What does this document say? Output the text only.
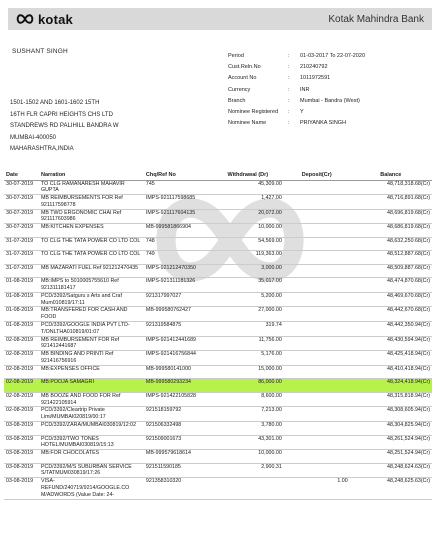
kotak	Kotak Mahindra Bank
SUSHANT SINGH
1501-1502 AND 1601-1602 15TH
16TH FLR CAPRI HEIGHTS CHS LTD
STANDREWS RD PALIHILL BANDRA W
MUMBAI-400050
MAHARASHTRA,INDIA
Period	:	01-03-2017 To 22-07-2020
Cust.Reln.No	:	210240792
Account No	:	1011972591
Currency	:	INR
Branch	:	Mumbai - Bandra (West)
Nominee Registered	:	Y
Nominee Name	:	PRIYANKA SINGH
Date	Narration	Chq/Ref No	Withdrawal (Dr)	Deposit(Cr)	Balance
30-07-2019	TO CLG RAMANARESH MAHAVIR GUPTA	745	45,309.00		48,718,318.68(Cr)
30-07-2019	MB REIMBURSEMENTS FOR Ref 921117598778	IMPS-921117598685	1,427.00		48,716,891.68(Cr)
30-07-2019	MB TWO ERGONOMIC CHAI Ref 921117603986	IMPS-921117604135	20,072.00		48,696,819.68(Cr)
30-07-2019	MB:KITCHEN EXPENSES	MB-999581866904	10,000.00		48,686,819.68(Cr)
31-07-2019	TO CLG THE TATA POWER CO LTD COL	748	54,569.00		48,632,250.68(Cr)
31-07-2019	TO CLG THE TATA POWER CO LTD COL	749	119,363.00		48,512,887.68(Cr)
31-07-2019	MB MAZARATI FUEL Ref 921212470435	IMPS-921212470350	3,000.00		48,509,887.68(Cr)
01-08-2019	MB:IMPS to 5010005755610 Ref 921311181417	IMPS-921311181326	35,017.00		48,474,870.68(Cr)
01-08-2019	PCD/3392/Satguru s Arts and Craf Mum010819/17:11	921317997027	5,200.00		48,469,670.68(Cr)
01-08-2019	MB:TRANSFERED FOR CASH AND FOOD	MB-999580762427	27,000.00		48,442,670.68(Cr)
01-08-2019	PCD/3392/GOOGLE INDIA PVT LTD-T/ONLTHA010819/01:07	921319584875	319.74		48,442,350.94(Cr)
02-08-2019	MB REIMBURSEMENT FOR Ref 921412441687	IMPS-921412441689	11,756.00		48,430,594.94(Cr)
02-08-2019	MB BINDING AND PRINTI Ref 921416756916	IMPS-921416756844	5,176.00		48,425,418.94(Cr)
02-08-2019	MB:EXPENSES OFFICE	MB-999580141000	15,000.00		48,410,418.94(Cr)
02-08-2019	MB:POOJA SAMAGRI	MB-999580293234	86,000.00		48,324,418.94(Cr)
02-08-2019	MB BOOZE AND FOOD FOR Ref 921422105914	IMPS-921422105828	8,600.00		48,315,818.94(Cr)
02-08-2019	PCD/3392/Cleartrip Private Limi/MUMBAI020819/00:17	921518159792	7,213.00		48,308,605.94(Cr)
03-08-2019	PCD/3392/ZARA/MUMBAI030819/12:02	921506332498	3,780.00		48,304,825.94(Cr)
03-08-2019	PCD/3392/TWO TONES HOTEL/MUMBAI030819/15:13	921509001673	43,301.00		48,261,524.94(Cr)
03-08-2019	MB:FOR CHOCOLATES	MB-999579618614	10,000.00		48,251,524.94(Cr)
03-08-2019	PCD/3392/M/S SUBURBAN SERVICE S/TATMUM030819/17:26	921511590185	2,900.31		48,248,624.63(Cr)
03-08-2019	VISA-REFUND/240719/9214/GOOGLE.CO M/ADWORDS (Value Date: 24-	921358310320		1.00	48,248,625.63(Cr)
